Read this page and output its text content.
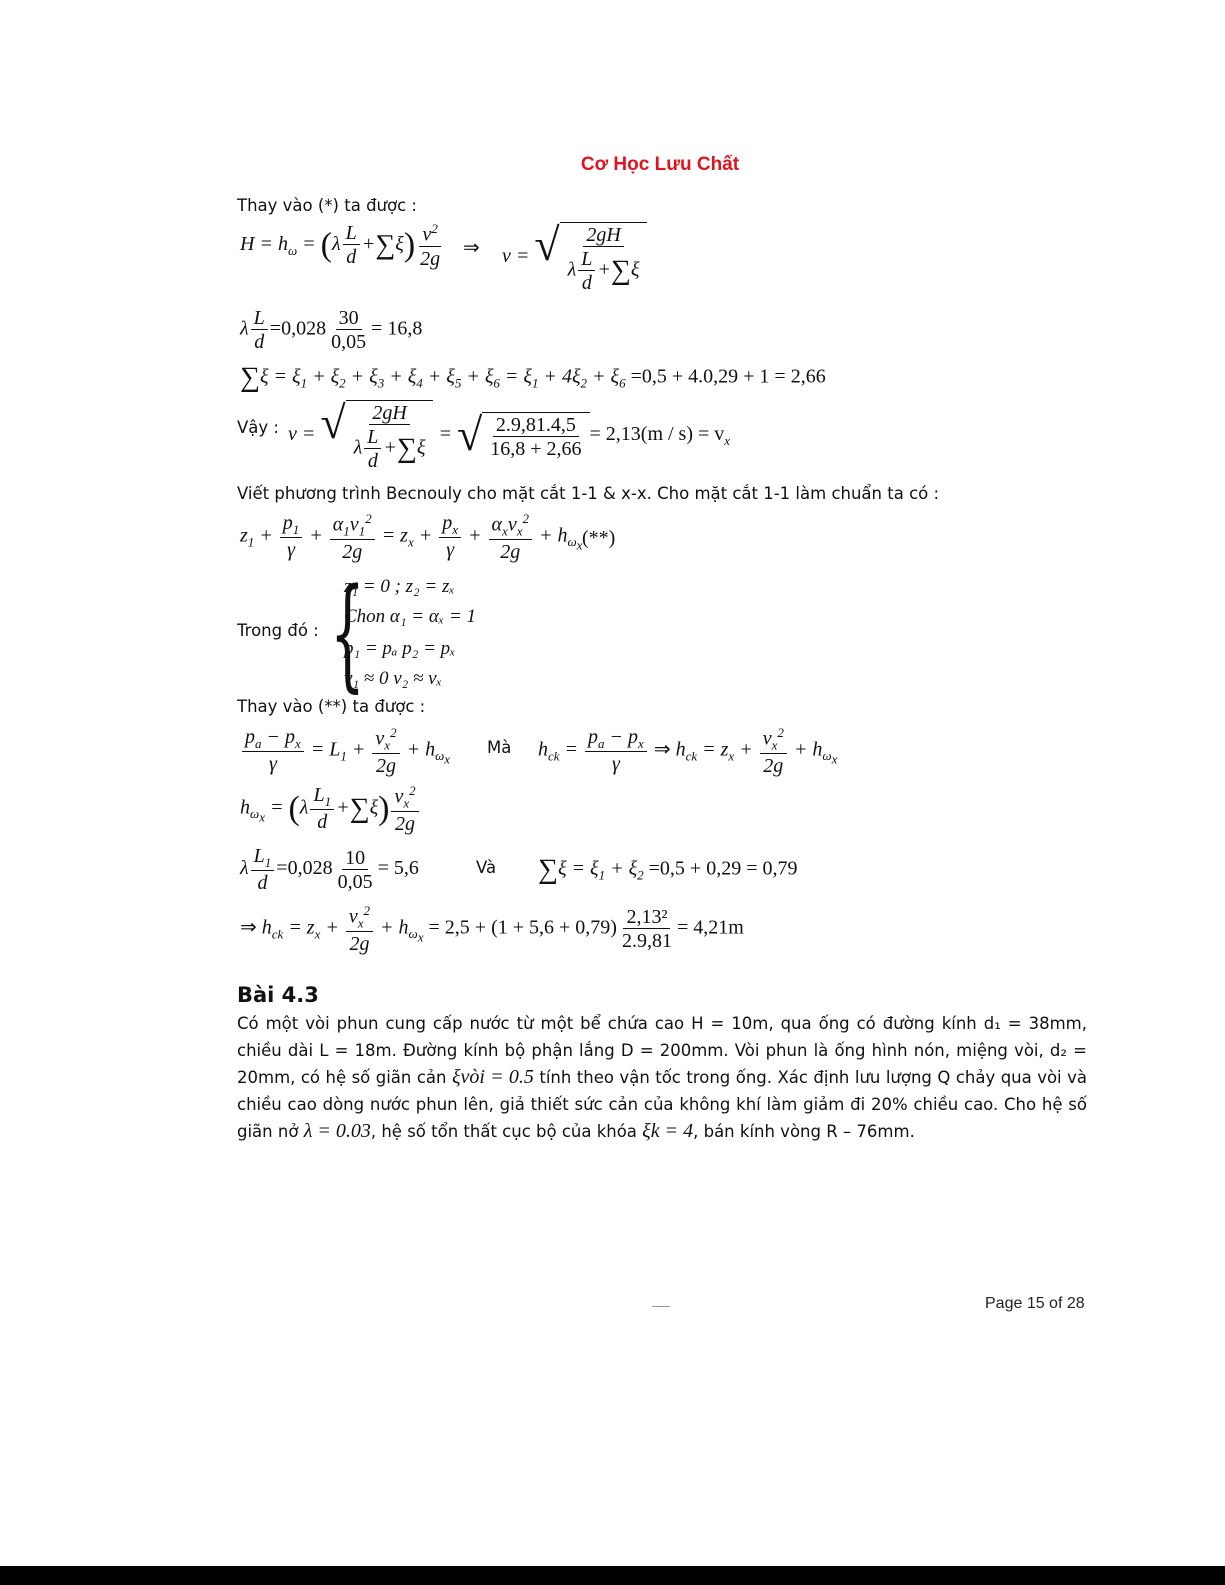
Cơ Học Lưu Chất
Thay vào (*) ta được :
$H = h_\omega = (\lambda \frac{L}{d} +\sum\xi) \frac{v^2}{2g}$ ⇒ v = √ $\frac{2gH}{\lambda \frac{L}{d} +\sum\xi}$
λ $\frac{L}{d} =0,028 \frac{30}{0,05} = 16,8$
$\sum\xi = \xi_1 + \xi_2 + \xi_3 + \xi_4 + \xi_5 + \xi_6 = \xi_1 + 4\xi_2 + \xi_6 =0,5 + 4.0,29 + 1 = 2,66$
Vậy : v = √ $\frac{2gH}{\lambda \frac{L}{d} +\sum\xi}$ = √ $\frac{2.9,81.4,5}{16,8 + 2,66} = 2,13(m / s) = v_x$
Viết phương trình Becnouly cho mặt cắt 1-1 & x-x. Cho mặt cắt 1-1 làm chuẩn ta có :
$z_1 + \frac{p_1}{\gamma} + \frac{\alpha_1v_1^2}{2g} = z_x + \frac{p_x}{\gamma} + \frac{\alpha_xv_x^2}{2g} + h_{\omega_x}$ (**)
Trong đó : {
z₁ = 0 ; z₂ = zₓ
Chon α₁ = αₓ = 1
p₁ = pₐ p₂ = pₓ
v₁ ≈ 0 v₂ ≈ vₓ
Thay vào (**) ta được :
$\frac{p_a - p_x}{\gamma} = L_1 + \frac{v_x^2}{2g} + h_{\omega_x}$
Mà $h_{ck} = \frac{p_a - p_x}{\gamma}$ ⇒ $h_{ck} = z_x + \frac{v_x^2}{2g} + h_{\omega_x}$
$h_{\omega_x} = (\lambda \frac{L_1}{d} +\sum\xi) \frac{v_x^2}{2g}$
λ $\frac{L_1}{d} =0,028 \frac{10}{0,05} = 5,6$	Và $\sum\xi = \xi_1 + \xi_2 =0,5 + 0,29 = 0,79$
⇒ $h_{ck} = z_x + \frac{v_x^2}{2g} + h_{\omega_x} = 2,5 + (1 + 5,6 + 0,79) \frac{\text{2,13²}}{2.9,81} = 4,21m$
Bài 4.3
Có một vòi phun cung cấp nước từ một bể chứa cao H = 10m, qua ống có đường kính d₁ = 38mm, chiều dài L = 18m. Đường kính bộ phận lắng D = 200mm. Vòi phun là ống hình nón, miệng vòi, d₂ = 20mm, có hệ số giãn cản ξvòi = 0.5 tính theo vận tốc trong ống. Xác định lưu lượng Q chảy qua vòi và chiều cao dòng nước phun lên, giả thiết sức cản của không khí làm giảm đi 20% chiều cao. Cho hệ số giãn nở λ = 0.03, hệ số tổn thất cục bộ của khóa ξk = 4, bán kính vòng R – 76mm.
Page 15 of 28
